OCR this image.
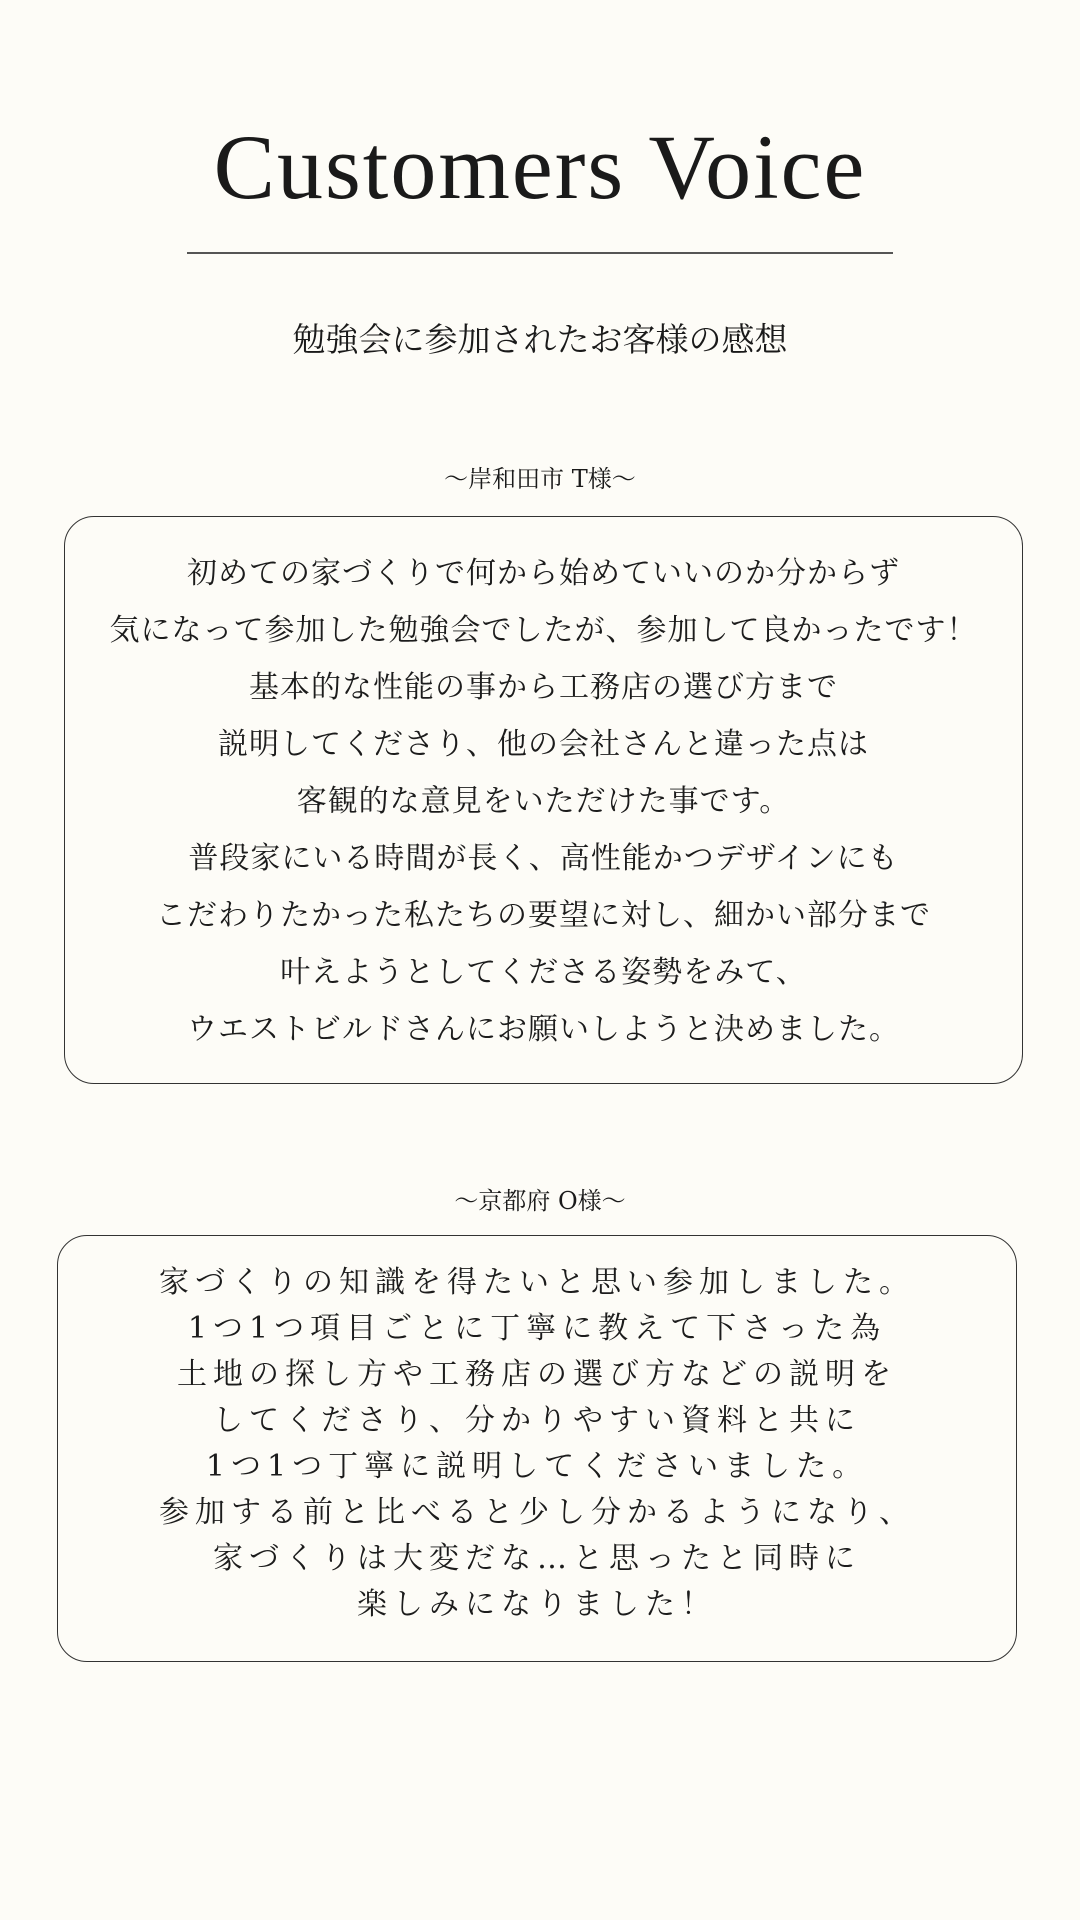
Customers Voice
勉強会に参加されたお客様の感想
～岸和田市 T様～
初めての家づくりで何から始めていいのか分からず
気になって参加した勉強会でしたが、参加して良かったです！
基本的な性能の事から工務店の選び方まで
説明してくださり、他の会社さんと違った点は
客観的な意見をいただけた事です。
普段家にいる時間が長く、高性能かつデザインにも
こだわりたかった私たちの要望に対し、細かい部分まで
叶えようとしてくださる姿勢をみて、
ウエストビルドさんにお願いしようと決めました。
～京都府 O様～
家づくりの知識を得たいと思い参加しました。
1つ1つ項目ごとに丁寧に教えて下さった為
土地の探し方や工務店の選び方などの説明を
してくださり、分かりやすい資料と共に
1つ1つ丁寧に説明してくださいました。
参加する前と比べると少し分かるようになり、
家づくりは大変だな…と思ったと同時に
楽しみになりました！
